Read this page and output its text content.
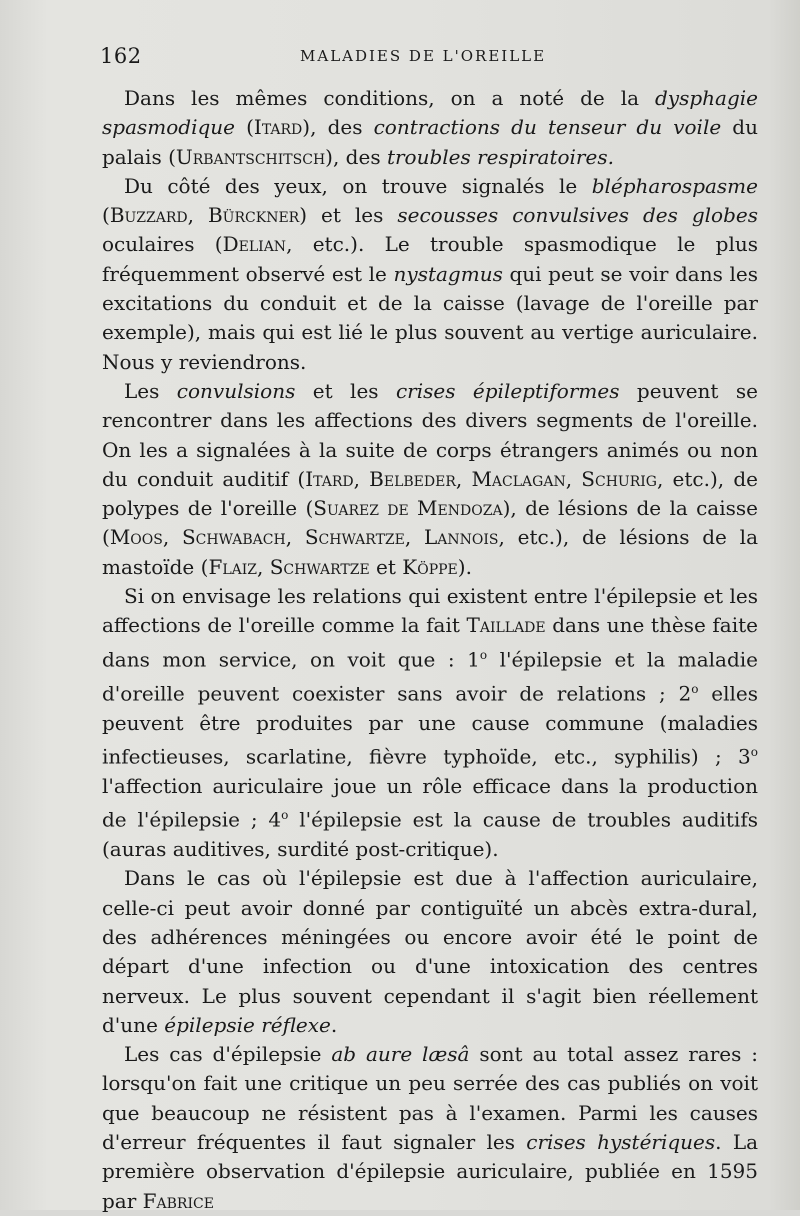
162	MALADIES DE L'OREILLE

Dans les mêmes conditions, on a noté de la dysphagie spasmodique (Itard), des contractions du tenseur du voile du palais (Urbantschitsch), des troubles respiratoires.

Du côté des yeux, on trouve signalés le blépharospasme (Buzzard, Bürckner) et les secousses convulsives des globes oculaires (Delian, etc.). Le trouble spasmodique le plus fréquemment observé est le nystagmus qui peut se voir dans les excitations du conduit et de la caisse (lavage de l'oreille par exemple), mais qui est lié le plus souvent au vertige auriculaire. Nous y reviendrons.

Les convulsions et les crises épileptiformes peuvent se rencontrer dans les affections des divers segments de l'oreille. On les a signalées à la suite de corps étrangers animés ou non du conduit auditif (Itard, Belbeder, Maclagan, Schurig, etc.), de polypes de l'oreille (Suarez de Mendoza), de lésions de la caisse (Moos, Schwabach, Schwartze, Lannois, etc.), de lésions de la mastoïde (Flaiz, Schwartze et Köppe).

Si on envisage les relations qui existent entre l'épilepsie et les affections de l'oreille comme la fait Taillade dans une thèse faite dans mon service, on voit que : 1$^o$ l'épilepsie et la maladie d'oreille peuvent coexister sans avoir de relations ; 2$^o$ elles peuvent être produites par une cause commune (maladies infectieuses, scarlatine, fièvre typhoïde, etc., syphilis) ; 3$^o$ l'affection auriculaire joue un rôle efficace dans la production de l'épilepsie ; 4$^o$ l'épilepsie est la cause de troubles auditifs (auras auditives, surdité post-critique).

Dans le cas où l'épilepsie est due à l'affection auriculaire, celle-ci peut avoir donné par contiguïté un abcès extra-dural, des adhérences méningées ou encore avoir été le point de départ d'une infection ou d'une intoxication des centres nerveux. Le plus souvent cependant il s'agit bien réellement d'une épilepsie réflexe.

Les cas d'épilepsie ab aure læsâ sont au total assez rares : lorsqu'on fait une critique un peu serrée des cas publiés on voit que beaucoup ne résistent pas à l'examen. Parmi les causes d'erreur fréquentes il faut signaler les crises hystériques. La première observation d'épilepsie auriculaire, publiée en 1595 par Fabrice
